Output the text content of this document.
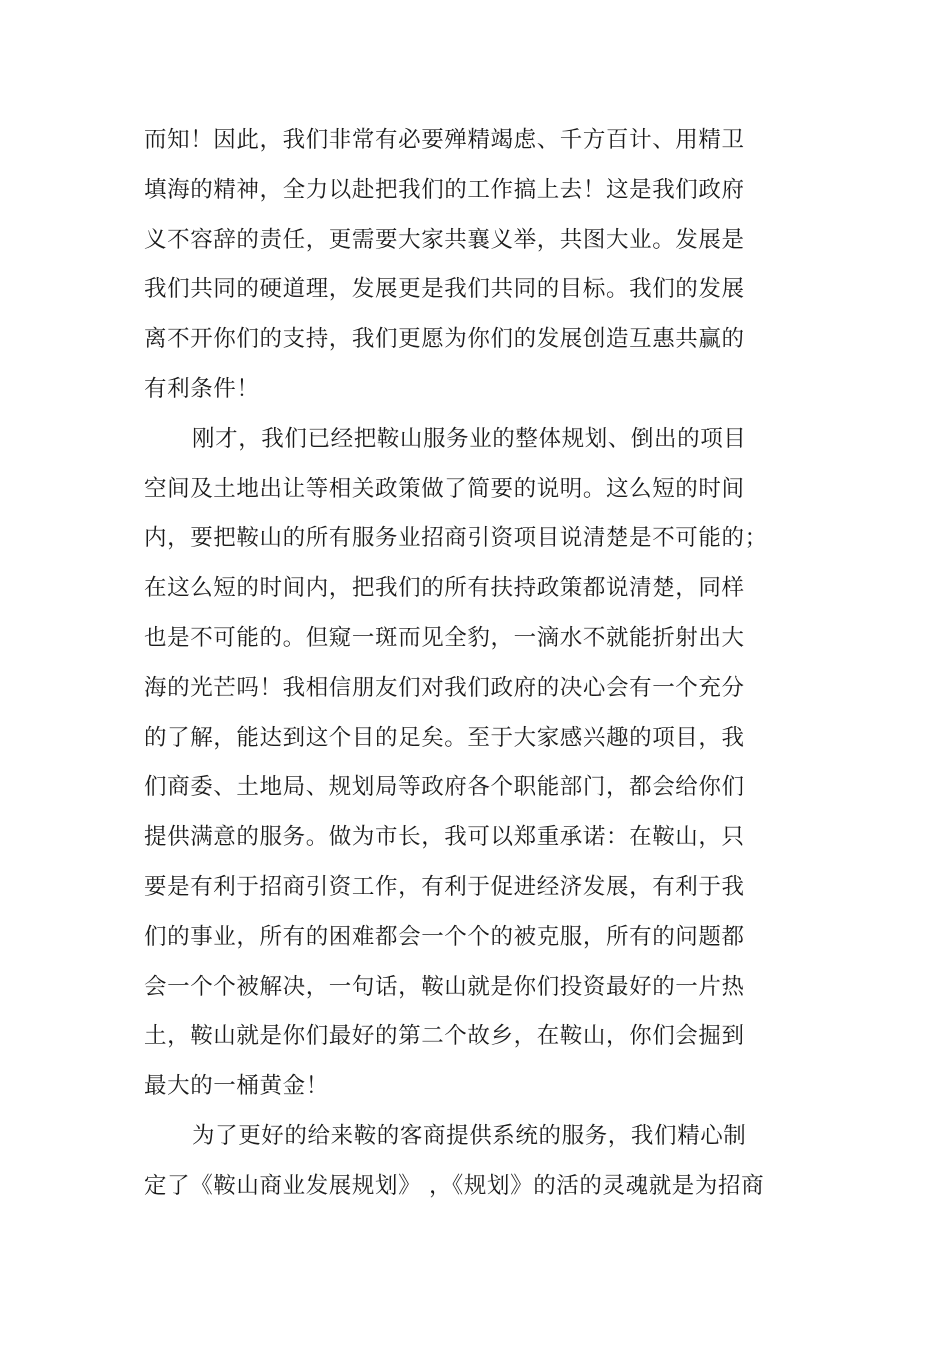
而知！因此，我们非常有必要殚精竭虑、千方百计、用精卫
填海的精神，全力以赴把我们的工作搞上去！这是我们政府
义不容辞的责任，更需要大家共襄义举，共图大业。发展是
我们共同的硬道理，发展更是我们共同的目标。我们的发展
离不开你们的支持，我们更愿为你们的发展创造互惠共赢的
有利条件！
刚才，我们已经把鞍山服务业的整体规划、倒出的项目
空间及土地出让等相关政策做了简要的说明。这么短的时间
内，要把鞍山的所有服务业招商引资项目说清楚是不可能的；
在这么短的时间内，把我们的所有扶持政策都说清楚，同样
也是不可能的。但窥一斑而见全豹，一滴水不就能折射出大
海的光芒吗！我相信朋友们对我们政府的决心会有一个充分
的了解，能达到这个目的足矣。至于大家感兴趣的项目，我
们商委、土地局、规划局等政府各个职能部门，都会给你们
提供满意的服务。做为市长，我可以郑重承诺：在鞍山，只
要是有利于招商引资工作，有利于促进经济发展，有利于我
们的事业，所有的困难都会一个个的被克服，所有的问题都
会一个个被解决，一句话，鞍山就是你们投资最好的一片热
土，鞍山就是你们最好的第二个故乡，在鞍山，你们会掘到
最大的一桶黄金！
为了更好的给来鞍的客商提供系统的服务，我们精心制
定了《鞍山商业发展规划》 ，《规划》的活的灵魂就是为招商
